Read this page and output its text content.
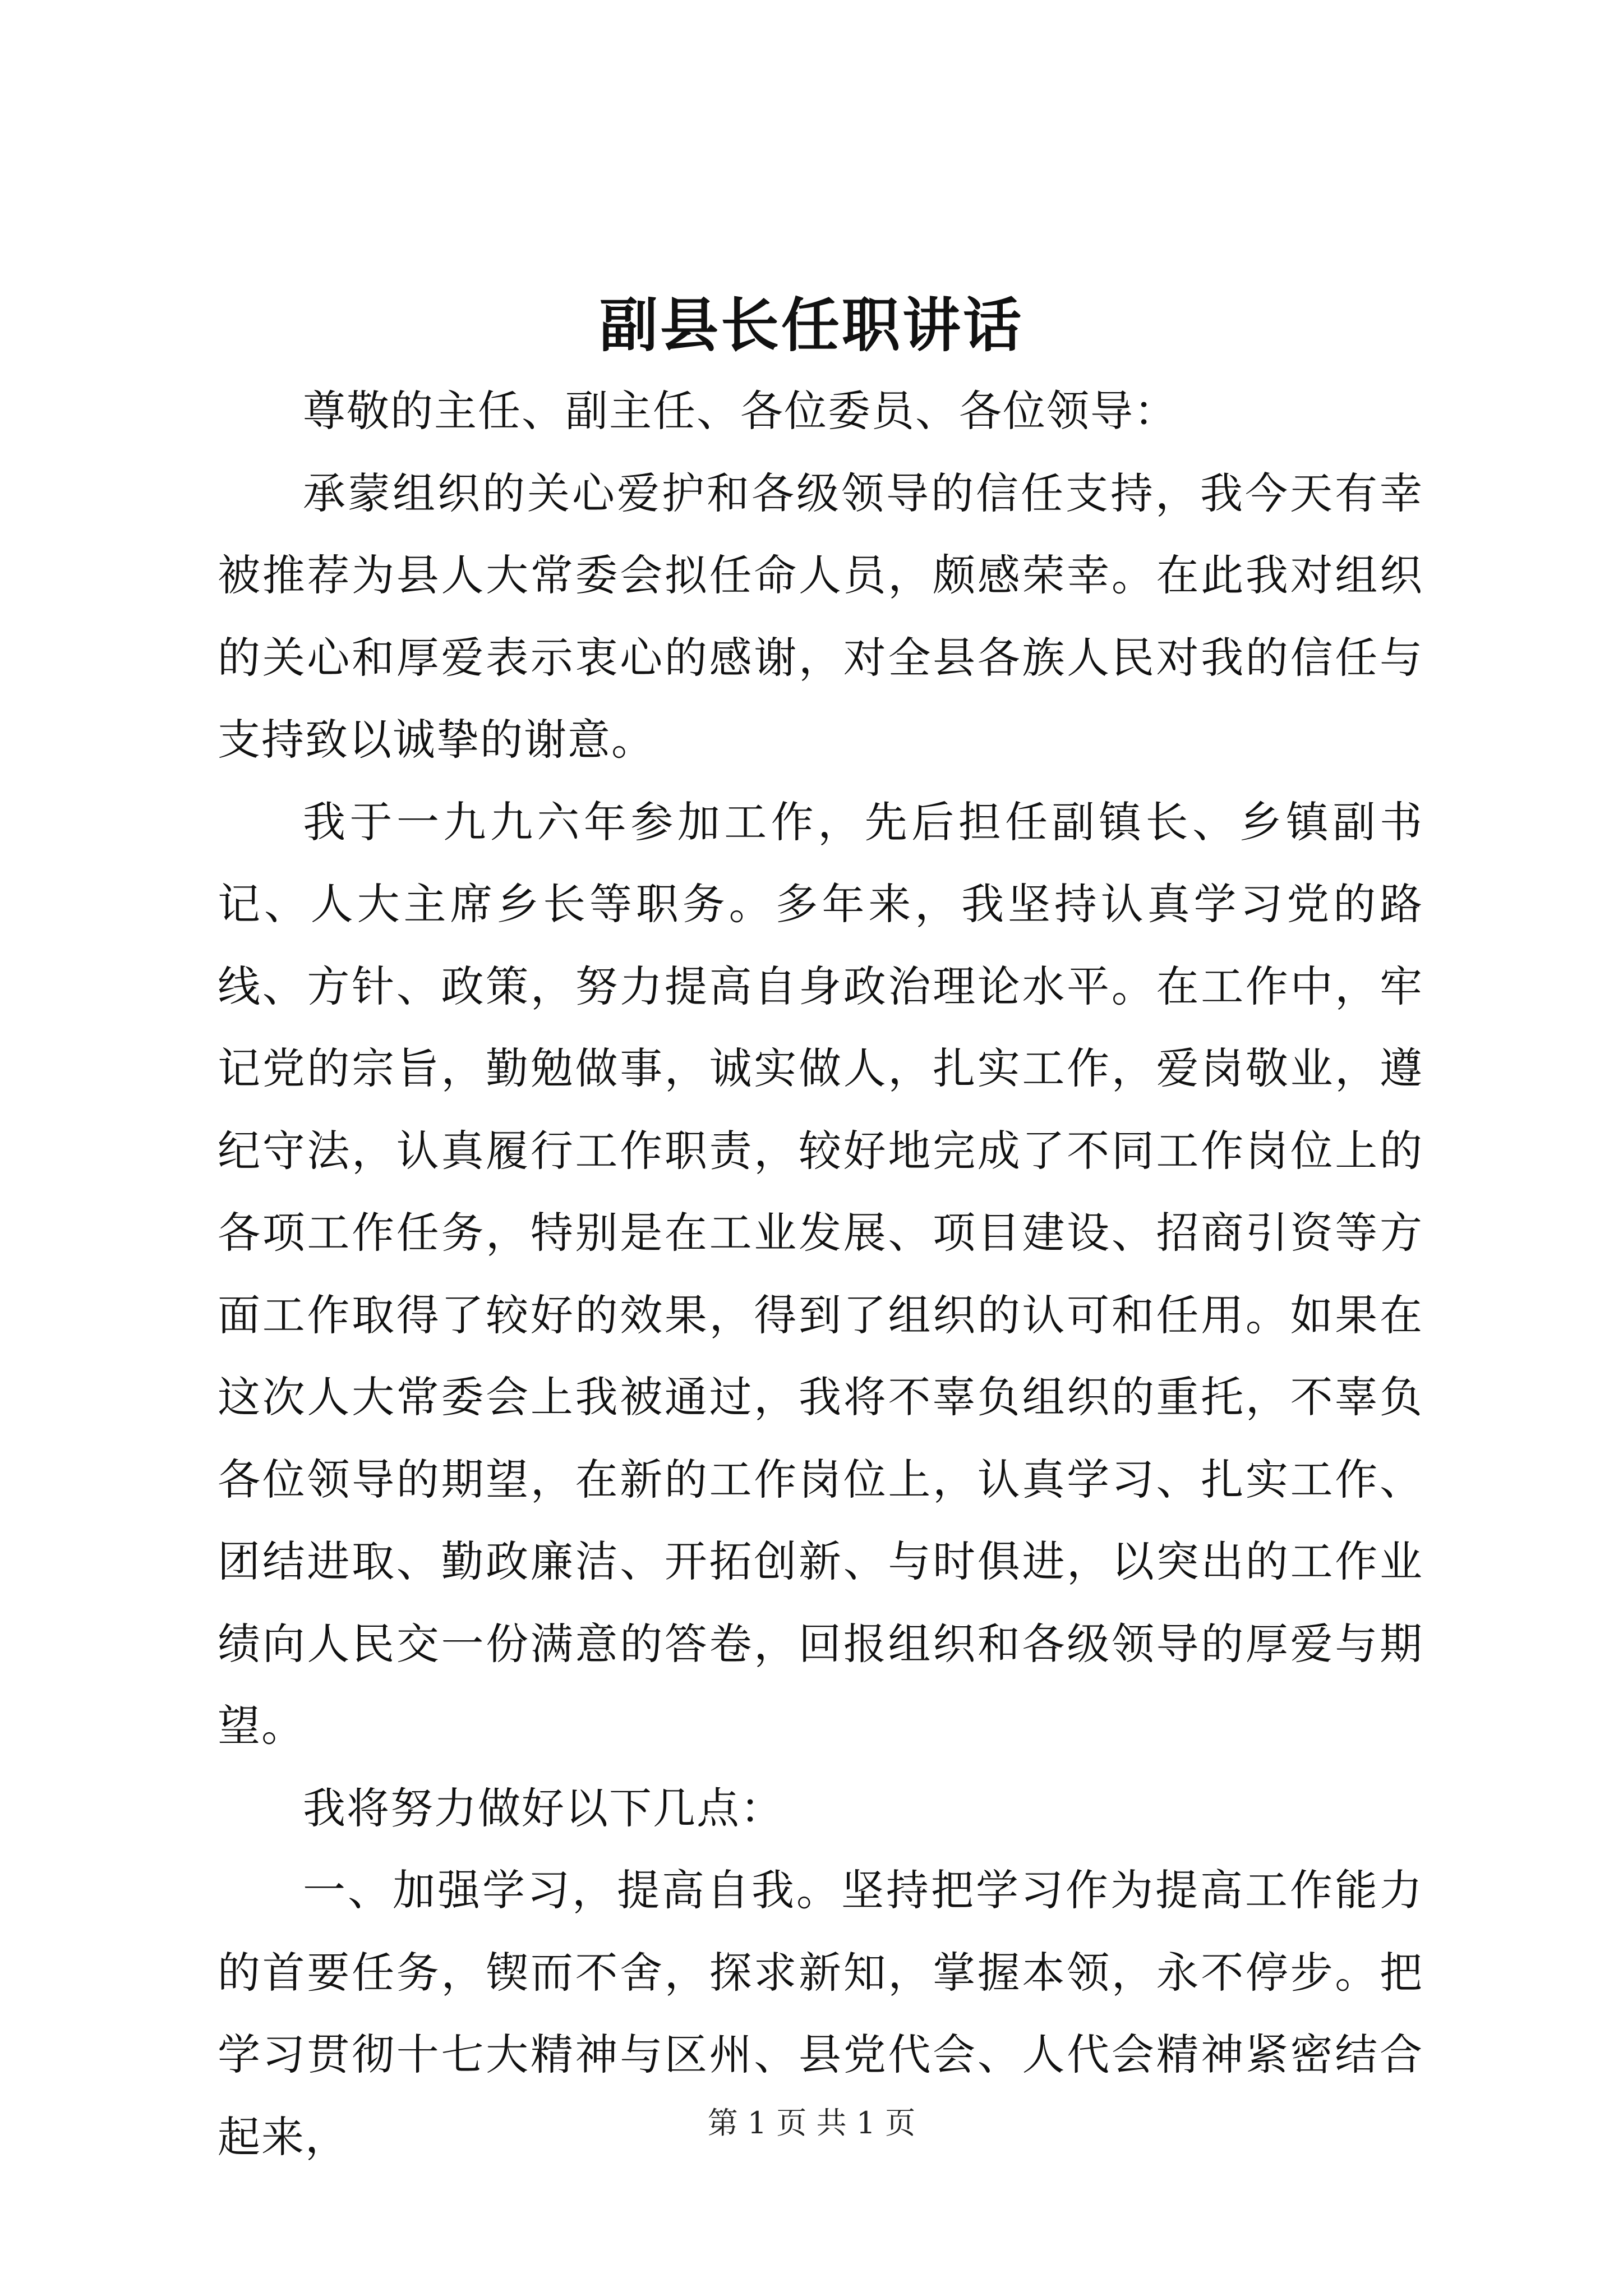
副县长任职讲话

尊敬的主任、副主任、各位委员、各位领导：

承蒙组织的关心爱护和各级领导的信任支持，我今天有幸被推荐为县人大常委会拟任命人员，颇感荣幸。在此我对组织的关心和厚爱表示衷心的感谢，对全县各族人民对我的信任与支持致以诚挚的谢意。

我于一九九六年参加工作，先后担任副镇长、乡镇副书记、人大主席乡长等职务。多年来，我坚持认真学习党的路线、方针、政策，努力提高自身政治理论水平。在工作中，牢记党的宗旨，勤勉做事，诚实做人，扎实工作，爱岗敬业，遵纪守法，认真履行工作职责，较好地完成了不同工作岗位上的各项工作任务，特别是在工业发展、项目建设、招商引资等方面工作取得了较好的效果，得到了组织的认可和任用。如果在这次人大常委会上我被通过，我将不辜负组织的重托，不辜负各位领导的期望，在新的工作岗位上，认真学习、扎实工作、团结进取、勤政廉洁、开拓创新、与时俱进，以突出的工作业绩向人民交一份满意的答卷，回报组织和各级领导的厚爱与期望。

我将努力做好以下几点：

一、加强学习，提高自我。坚持把学习作为提高工作能力的首要任务，锲而不舍，探求新知，掌握本领，永不停步。把学习贯彻十七大精神与区州、县党代会、人代会精神紧密结合起来，	第 1 页 共 1 页
